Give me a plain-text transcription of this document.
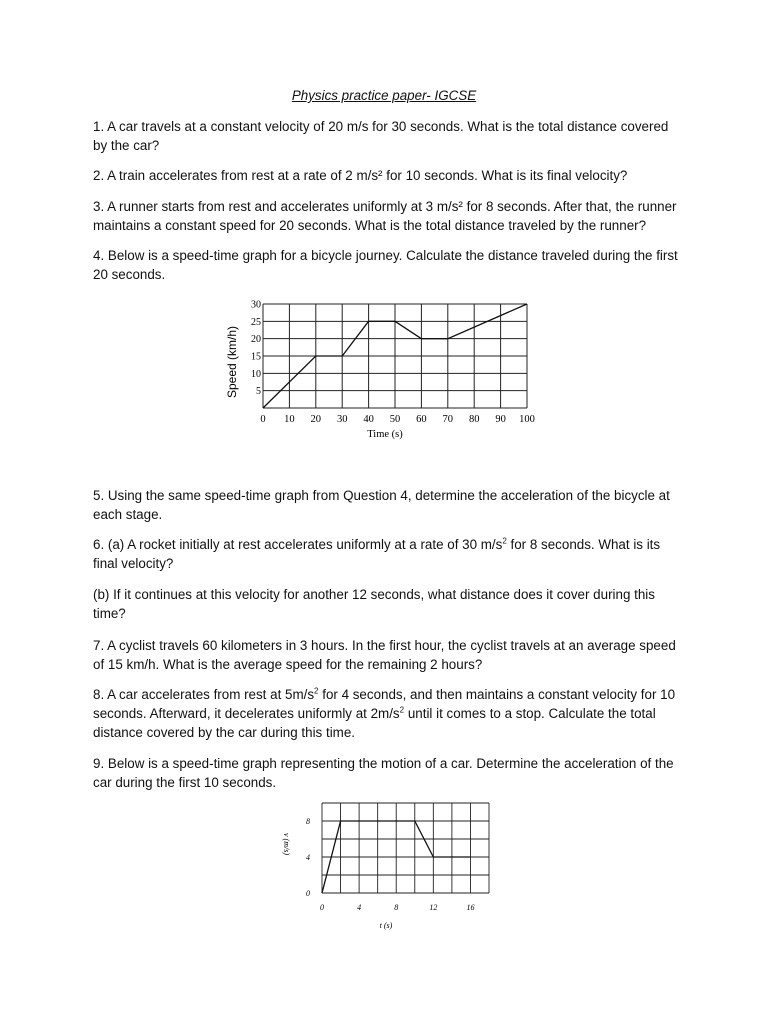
Physics practice paper- IGCSE

1. A car travels at a constant velocity of 20 m/s for 30 seconds. What is the total distance covered by the car?

2. A train accelerates from rest at a rate of 2 m/s² for 10 seconds. What is its final velocity?

3. A runner starts from rest and accelerates uniformly at 3 m/s² for 8 seconds. After that, the runner maintains a constant speed for 20 seconds. What is the total distance traveled by the runner?

4. Below is a speed-time graph for a bicycle journey. Calculate the distance traveled during the first 20 seconds.

0 10 20 30 40 50 60 70 80 90 100
5
10
15
20
25
30
Time (s)
Speed (km/h)

5. Using the same speed-time graph from Question 4, determine the acceleration of the bicycle at each stage.

6. (a) A rocket initially at rest accelerates uniformly at a rate of 30 $m/s^2$ for 8 seconds. What is its final velocity?

(b) If it continues at this velocity for another 12 seconds, what distance does it cover during this time?

7. A cyclist travels 60 kilometers in 3 hours. In the first hour, the cyclist travels at an average speed of 15 km/h. What is the average speed for the remaining 2 hours?

8. A car accelerates from rest at $5m/s^2$ for 4 seconds, and then maintains a constant velocity for 10 seconds. Afterward, it decelerates uniformly at $2m/s^2$ until it comes to a stop. Calculate the total distance covered by the car during this time.

9. Below is a speed-time graph representing the motion of a car. Determine the acceleration of the car during the first 10 seconds.

0	4	8	12	16
0
4
8
t (s)
v (m/s)
